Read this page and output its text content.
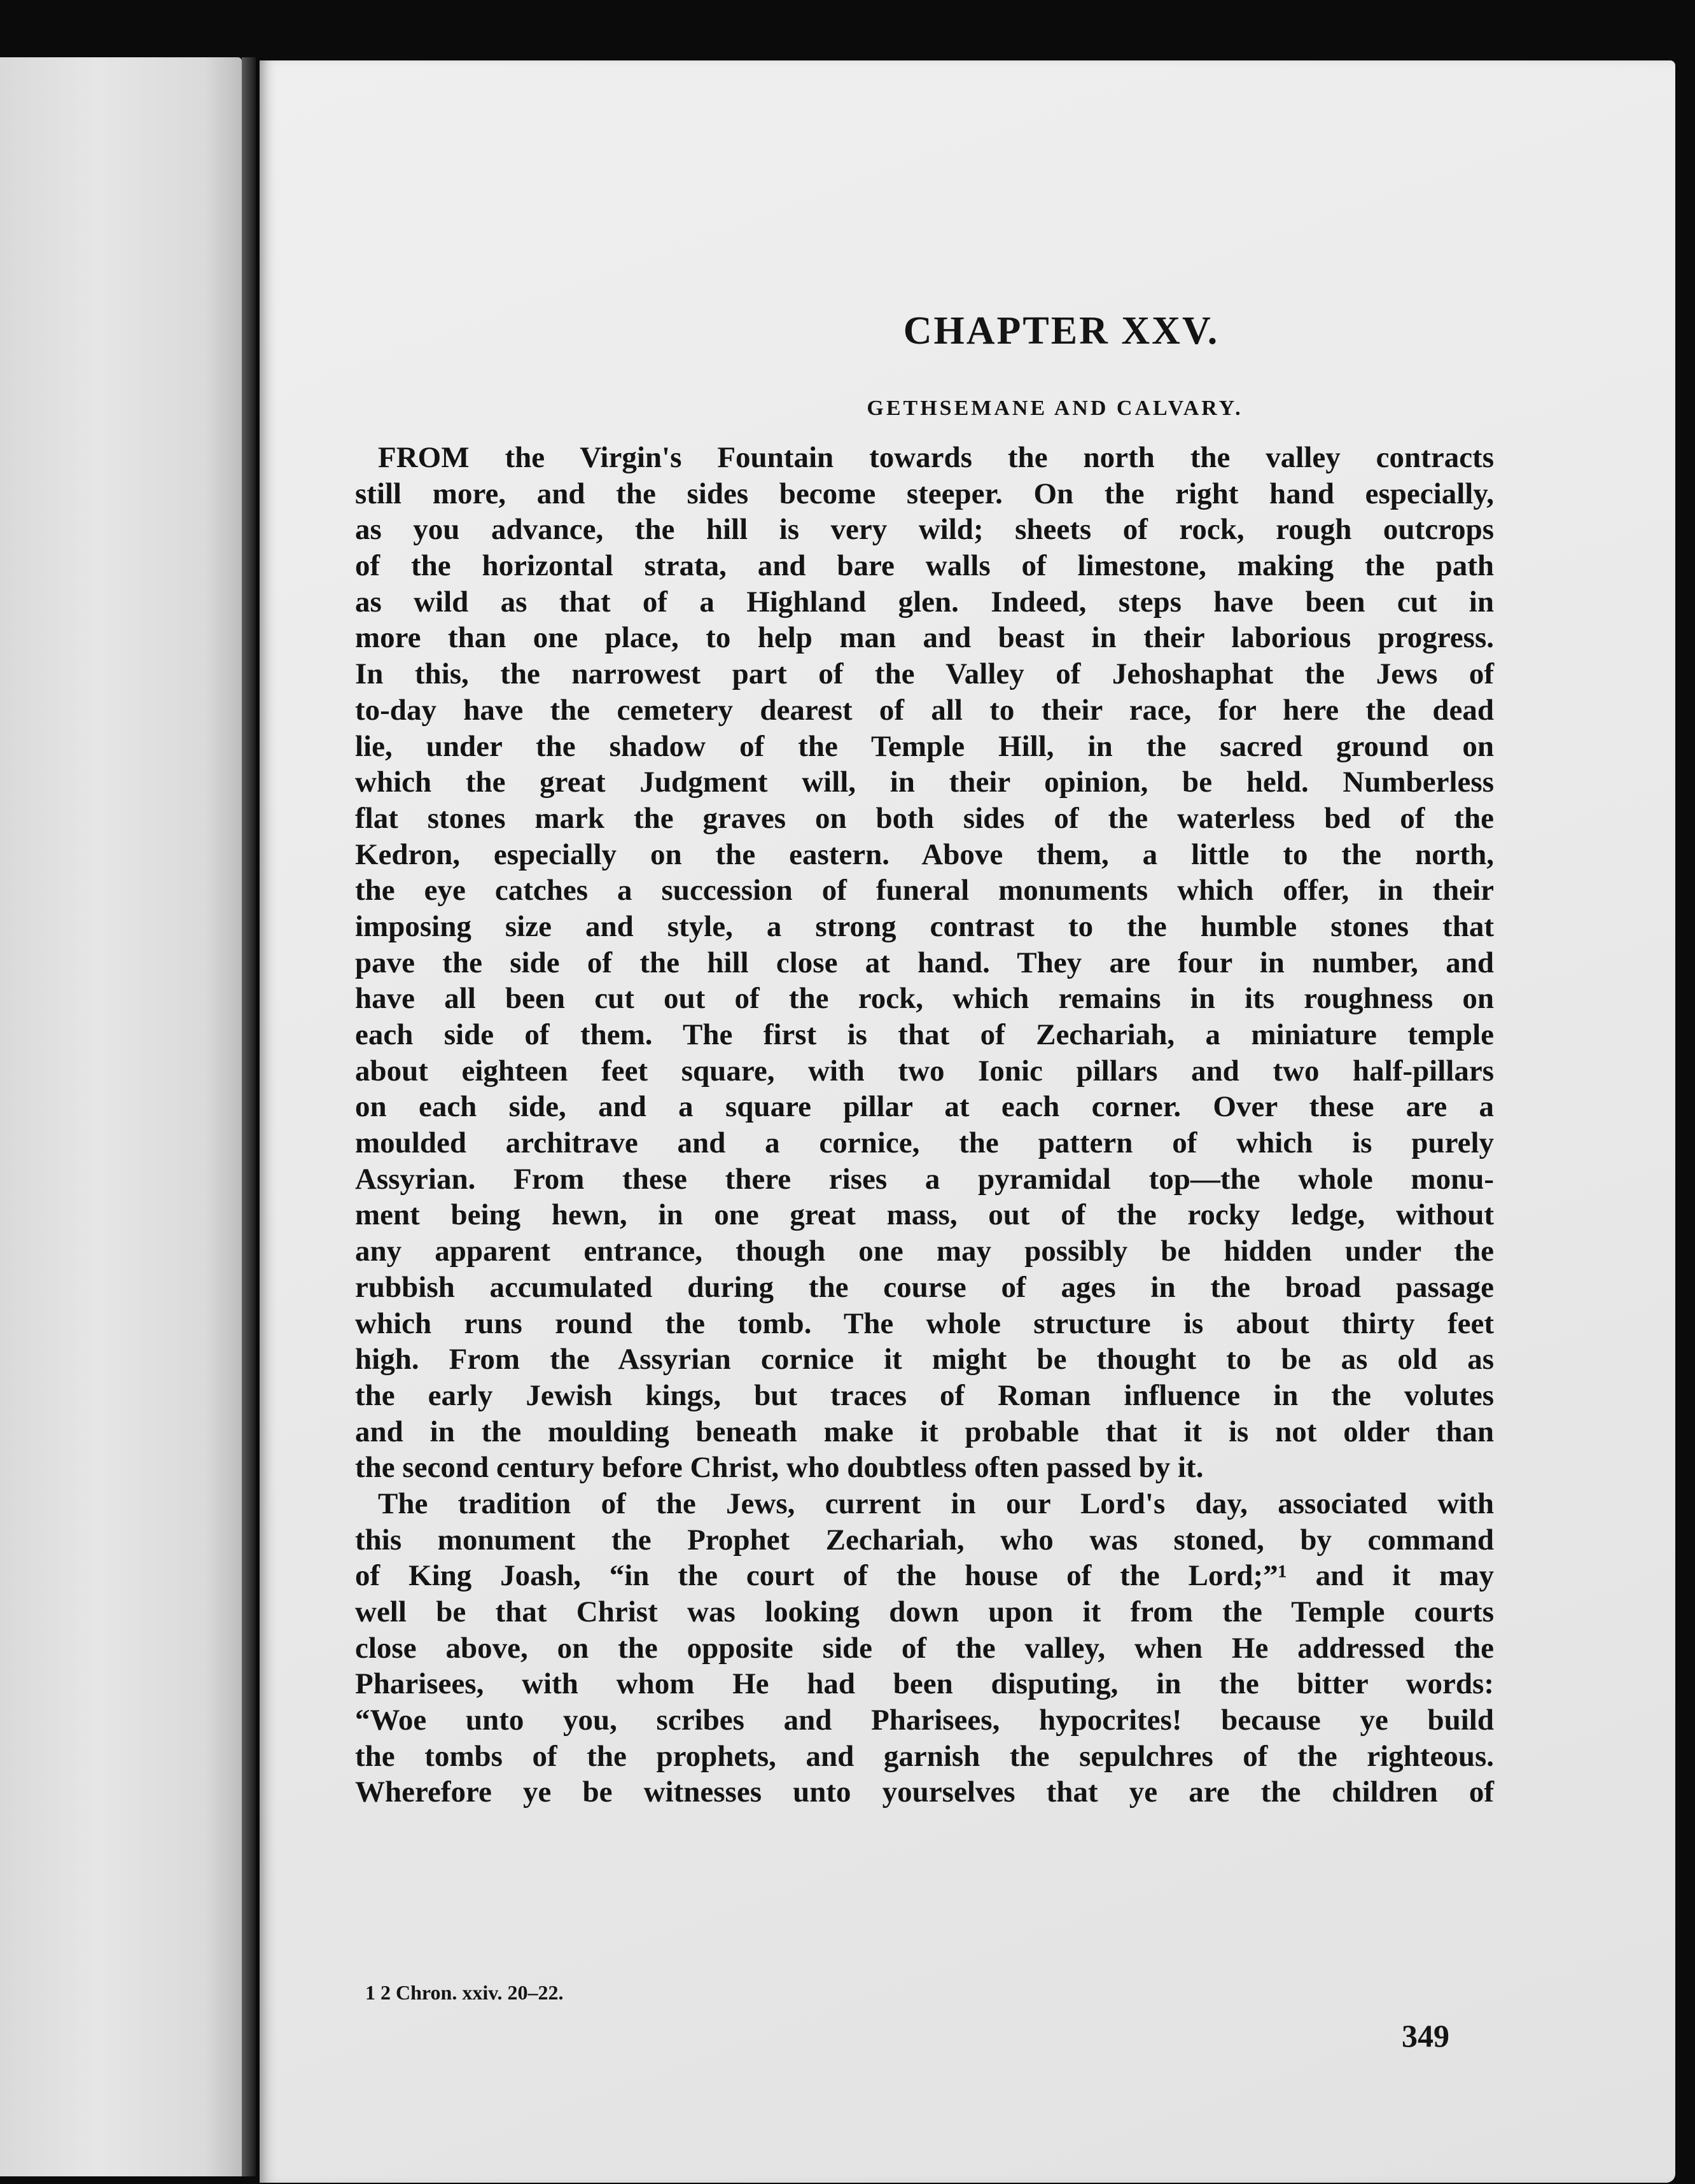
CHAPTER XXV.
GETHSEMANE AND CALVARY.
FROM the Virgin's Fountain towards the north the valley contracts
still more, and the sides become steeper. On the right hand especially,
as you advance, the hill is very wild; sheets of rock, rough outcrops
of the horizontal strata, and bare walls of limestone, making the path
as wild as that of a Highland glen. Indeed, steps have been cut in
more than one place, to help man and beast in their laborious progress.
In this, the narrowest part of the Valley of Jehoshaphat the Jews of
to-day have the cemetery dearest of all to their race, for here the dead
lie, under the shadow of the Temple Hill, in the sacred ground on
which the great Judgment will, in their opinion, be held. Numberless
flat stones mark the graves on both sides of the waterless bed of the
Kedron, especially on the eastern. Above them, a little to the north,
the eye catches a succession of funeral monuments which offer, in their
imposing size and style, a strong contrast to the humble stones that
pave the side of the hill close at hand. They are four in number, and
have all been cut out of the rock, which remains in its roughness on
each side of them. The first is that of Zechariah, a miniature temple
about eighteen feet square, with two Ionic pillars and two half-pillars
on each side, and a square pillar at each corner. Over these are a
moulded architrave and a cornice, the pattern of which is purely
Assyrian. From these there rises a pyramidal top—the whole monu-
ment being hewn, in one great mass, out of the rocky ledge, without
any apparent entrance, though one may possibly be hidden under the
rubbish accumulated during the course of ages in the broad passage
which runs round the tomb. The whole structure is about thirty feet
high. From the Assyrian cornice it might be thought to be as old as
the early Jewish kings, but traces of Roman influence in the volutes
and in the moulding beneath make it probable that it is not older than
the second century before Christ, who doubtless often passed by it.
The tradition of the Jews, current in our Lord's day, associated with
this monument the Prophet Zechariah, who was stoned, by command
of King Joash, “in the court of the house of the Lord;”¹ and it may
well be that Christ was looking down upon it from the Temple courts
close above, on the opposite side of the valley, when He addressed the
Pharisees, with whom He had been disputing, in the bitter words:
“Woe unto you, scribes and Pharisees, hypocrites! because ye build
the tombs of the prophets, and garnish the sepulchres of the righteous.
Wherefore ye be witnesses unto yourselves that ye are the children of

1 2 Chron. xxiv. 20–22.

349
